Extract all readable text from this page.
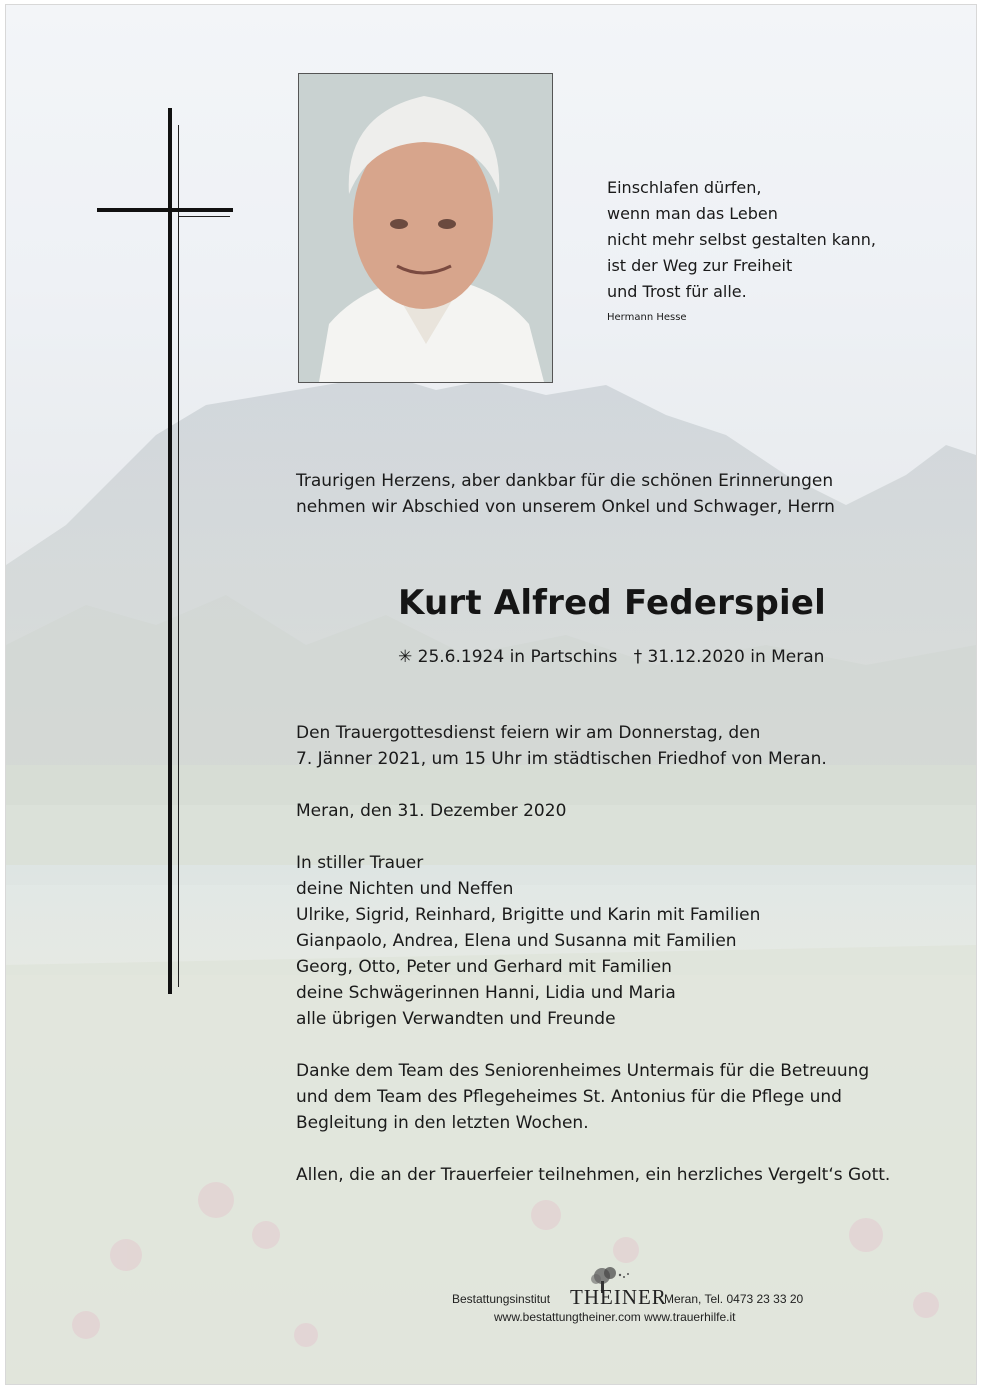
Einschlafen dürfen,
wenn man das Leben
nicht mehr selbst gestalten kann,
ist der Weg zur Freiheit
und Trost für alle.
Hermann Hesse
Traurigen Herzens, aber dankbar für die schönen Erinnerungen
nehmen wir Abschied von unserem Onkel und Schwager, Herrn
Kurt Alfred Federspiel
✳ 25.6.1924 in Partschins   † 31.12.2020 in Meran
Den Trauergottesdienst feiern wir am Donnerstag, den
7. Jänner 2021, um 15 Uhr im städtischen Friedhof von Meran.
Meran, den 31. Dezember 2020
In stiller Trauer
deine Nichten und Neffen
Ulrike, Sigrid, Reinhard, Brigitte und Karin mit Familien
Gianpaolo, Andrea, Elena und Susanna mit Familien
Georg, Otto, Peter und Gerhard mit Familien
deine Schwägerinnen Hanni, Lidia und Maria
alle übrigen Verwandten und Freunde
Danke dem Team des Seniorenheimes Untermais für die Betreuung
und dem Team des Pflegeheimes St. Antonius für die Pflege und
Begleitung in den letzten Wochen.
Allen, die an der Trauerfeier teilnehmen, ein herzliches Vergelt‘s Gott.
Bestattungsinstitut THEINER
Meran, Tel. 0473 23 33 20
www.bestattungtheiner.com www.trauerhilfe.it
